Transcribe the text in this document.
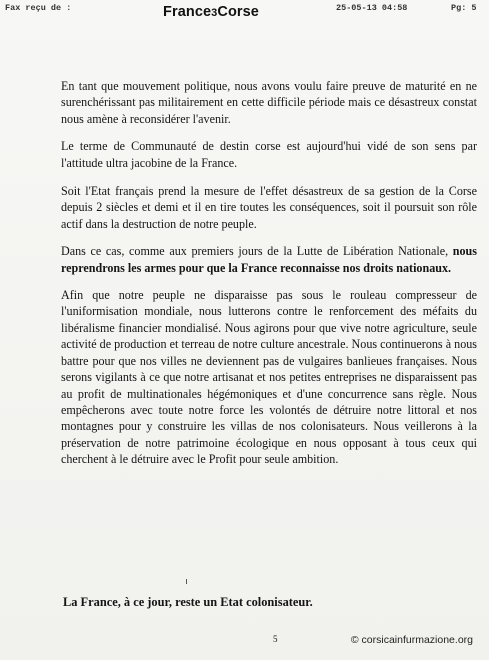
Fax reçu de :	25-05-13 04:58	Pg: 5
France3Corse

En tant que mouvement politique, nous avons voulu faire preuve de maturité en ne surenchérissant pas militairement en cette difficile période mais ce désastreux constat nous amène à reconsidérer l'avenir.

Le terme de Communauté de destin corse est aujourd'hui vidé de son sens par l'attitude ultra jacobine de la France.

Soit l'Etat français prend la mesure de l'effet désastreux de sa gestion de la Corse depuis 2 siècles et demi et il en tire toutes les conséquences, soit il poursuit son rôle actif dans la destruction de notre peuple.

Dans ce cas, comme aux premiers jours de la Lutte de Libération Nationale, nous reprendrons les armes pour que la France reconnaisse nos droits nationaux.

Afin que notre peuple ne disparaisse pas sous le rouleau compresseur de l'uniformisation mondiale, nous lutterons contre le renforcement des méfaits du libéralisme financier mondialisé. Nous agirons pour que vive notre agriculture, seule activité de production et terreau de notre culture ancestrale. Nous continuerons à nous battre pour que nos villes ne deviennent pas de vulgaires banlieues françaises. Nous serons vigilants à ce que notre artisanat et nos petites entreprises ne disparaissent pas au profit de multinationales hégémoniques et d'une concurrence sans règle. Nous empêcherons avec toute notre force les volontés de détruire notre littoral et nos montagnes pour y construire les villas de nos colonisateurs. Nous veillerons à la préservation de notre patrimoine écologique en nous opposant à tous ceux qui cherchent à le détruire avec le Profit pour seule ambition.

La France, à ce jour, reste un Etat colonisateur.
5	© corsicainfurmazione.org
